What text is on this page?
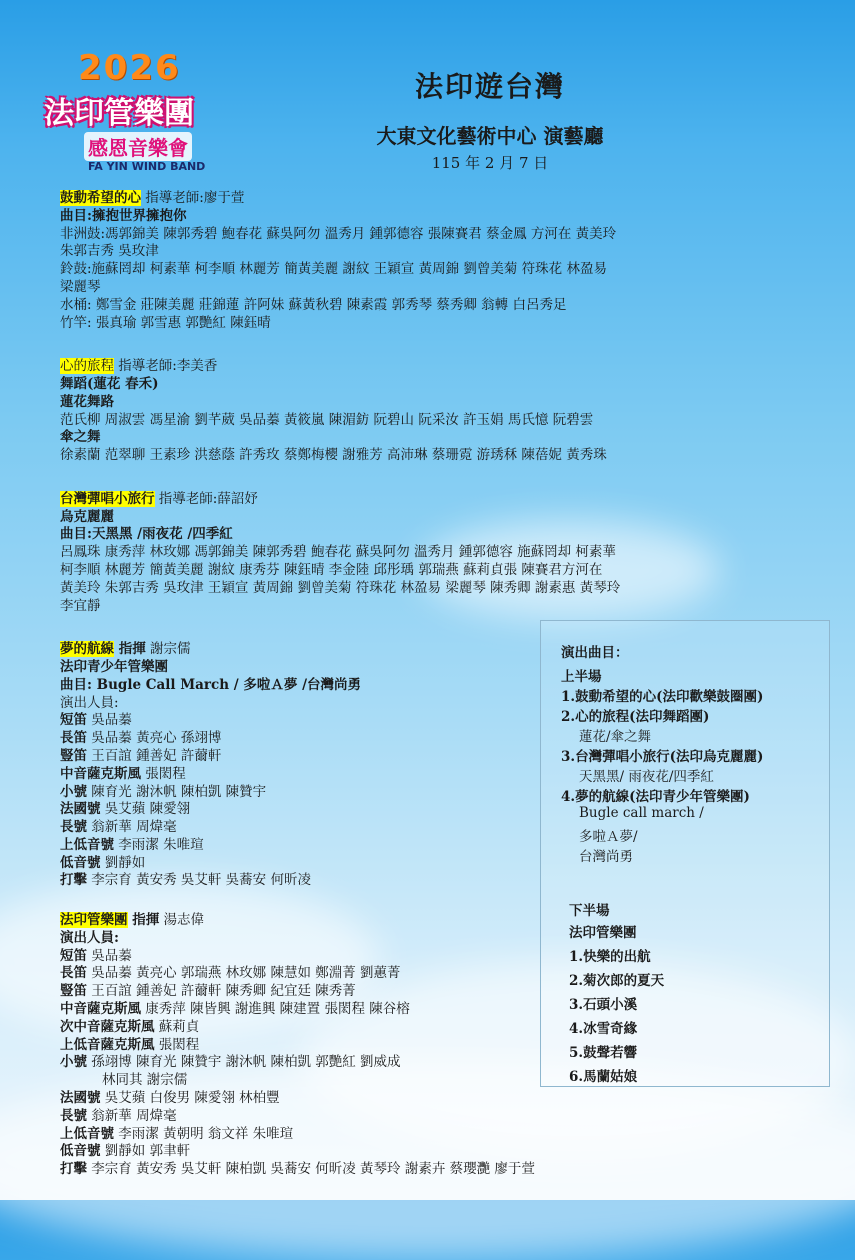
2026
法印管樂團
感恩音樂會
FA YIN WIND BAND
法印遊台灣
大東文化藝術中心 演藝廳
115 年 2 月 7 日
鼓動希望的心 指導老師:廖于萱
曲目:擁抱世界擁抱你
非洲鼓:馮郭錦美 陳郭秀碧 鮑春花 蘇吳阿勿 溫秀月 鍾郭德容 張陳賽君 蔡金鳳 方河在 黃美玲
朱郭吉秀 吳玫津
鈴鼓:施蘇罔却 柯素華 柯李順 林麗芳 簡黃美麗 謝紋 王穎宣 黃周錦 劉曾美菊 符珠花 林盈易
梁麗琴
水桶: 鄭雪金 莊陳美麗 莊錦蓮 許阿妹 蘇黃秋碧 陳素霞 郭秀琴 蔡秀卿 翁轉 白呂秀足
竹竿: 張真瑜 郭雪惠 郭艷紅 陳鈺晴
心的旅程 指導老師:李美香
舞蹈(蓮花 春禾)
蓮花舞路
范氏柳 周淑雲 馮星渝 劉芊葳 吳品蓁 黃筱嵐 陳湄鈁 阮碧山 阮采汝 許玉娟 馬氏憶 阮碧雲
傘之舞
徐素蘭 范翠聊 王素珍 洪慈蔭 許秀玫 蔡鄭梅櫻 謝雅芳 高沛琳 蔡珊霓 游琇秝 陳蓓妮 黃秀珠
台灣彈唱小旅行 指導老師:薛詔妤
烏克麗麗
曲目:天黑黑 /雨夜花 /四季紅
呂鳳珠 康秀萍 林玫娜 馮郭錦美 陳郭秀碧 鮑春花 蘇吳阿勿 溫秀月 鍾郭德容 施蘇罔却 柯素華
柯李順 林麗芳 簡黃美麗 謝紋 康秀芬 陳鈺晴 李金陸 邱彤瑀 郭瑞燕 蘇莉貞張 陳賽君方河在
黃美玲 朱郭吉秀 吳玫津 王穎宣 黃周錦 劉曾美菊 符珠花 林盈易 梁麗琴 陳秀卿 謝素惠 黃琴玲
李宜靜
夢的航線 指揮 謝宗儒
法印青少年管樂團
曲目: Bugle Call March / 多啦Ａ夢 /台灣尚勇
演出人員:
短笛 吳品蓁
長笛 吳品蓁 黃亮心 孫翊博
豎笛 王百誼 鍾善妃 許薾軒
中音薩克斯風 張閎程
小號 陳育光 謝沐帆 陳柏凱 陳贊宇
法國號 吳艾蘋 陳愛翎
長號 翁新華 周煒毫
上低音號 李雨潔 朱唯瑄
低音號 劉靜如
打擊 李宗育 黃安秀 吳艾軒 吳蕎安 何昕凌
法印管樂團 指揮 湯志偉
演出人員:
短笛 吳品蓁
長笛 吳品蓁 黃亮心 郭瑞燕 林玫娜 陳慧如 鄭淵菁 劉蕙菁
豎笛 王百誼 鍾善妃 許薾軒 陳秀卿 紀宜廷 陳秀菁
中音薩克斯風 康秀萍 陳皆興 謝進興 陳建置 張閎程 陳谷榕
次中音薩克斯風 蘇莉貞
上低音薩克斯風 張閎程
小號 孫翊博 陳育光 陳贊宇 謝沐帆 陳柏凱 郭艷紅 劉威成
林同其 謝宗儒
法國號 吳艾蘋 白俊男 陳愛翎 林柏豐
長號 翁新華 周煒毫
上低音號 李雨潔 黃朝明 翁文祥 朱唯瑄
低音號 劉靜如 郭聿軒
打擊 李宗育 黃安秀 吳艾軒 陳柏凱 吳蕎安 何昕凌 黃琴玲 謝素卉 蔡瓔灧 廖于萱
演出曲目：
上半場
1.鼓動希望的心(法印歡樂鼓圈團)
2.心的旅程(法印舞蹈團)
蓮花/傘之舞
3.台灣彈唱小旅行(法印烏克麗麗)
天黑黑/ 雨夜花/四季紅
4.夢的航線(法印青少年管樂團)
Bugle call march /
多啦Ａ夢/
台灣尚勇
下半場
法印管樂團
1.快樂的出航
2.菊次郎的夏天
3.石頭小溪
4.冰雪奇緣
5.鼓聲若響
6.馬蘭姑娘
